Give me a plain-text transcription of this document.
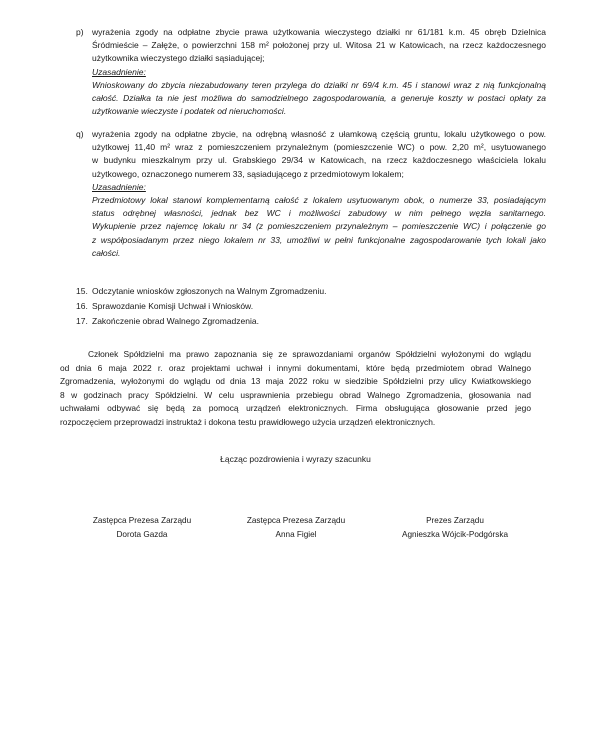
p) wyrażenia zgody na odpłatne zbycie prawa użytkowania wieczystego działki nr 61/181 k.m. 45 obręb Dzielnica
Śródmieście – Załęże, o powierzchni 158 m² położonej przy ul. Witosa 21 w Katowicach, na rzecz każdoczesnego
użytkownika wieczystego działki sąsiadującej;
Uzasadnienie:
Wnioskowany do zbycia niezabudowany teren przylega do działki nr 69/4 k.m. 45 i stanowi wraz z nią funkcjonalną
całość. Działka ta nie jest możliwa do samodzielnego zagospodarowania, a generuje koszty w postaci opłaty za
użytkowanie wieczyste i podatek od nieruchomości.
q) wyrażenia zgody na odpłatne zbycie, na odrębną własność z ułamkową częścią gruntu, lokalu użytkowego o pow.
użytkowej 11,40 m² wraz z pomieszczeniem przynależnym (pomieszczenie WC) o pow. 2,20 m², usytuowanego
w budynku mieszkalnym przy ul. Grabskiego 29/34 w Katowicach, na rzecz każdoczesnego właściciela lokalu
użytkowego, oznaczonego numerem 33, sąsiadującego z przedmiotowym lokalem;
Uzasadnienie:
Przedmiotowy lokal stanowi komplementarną całość z lokalem usytuowanym obok, o numerze 33, posiadającym
status odrębnej własności, jednak bez WC i możliwości zabudowy w nim pełnego węzła sanitarnego.
Wykupienie przez najemcę lokalu nr 34 (z pomieszczeniem przynależnym – pomieszczenie WC) i połączenie go
z współposiadanym przez niego lokalem nr 33, umożliwi w pełni funkcjonalne zagospodarowanie tych lokali jako
całości.
15. Odczytanie wniosków zgłoszonych na Walnym Zgromadzeniu.
16. Sprawozdanie Komisji Uchwał i Wniosków.
17. Zakończenie obrad Walnego Zgromadzenia.
Członek Spółdzielni ma prawo zapoznania się ze sprawozdaniami organów Spółdzielni wyłożonymi do wglądu
od dnia 6 maja 2022 r. oraz projektami uchwał i innymi dokumentami, które będą przedmiotem obrad Walnego
Zgromadzenia, wyłożonymi do wglądu od dnia 13 maja 2022 roku w siedzibie Spółdzielni przy ulicy Kwiatkowskiego
8 w godzinach pracy Spółdzielni. W celu usprawnienia przebiegu obrad Walnego Zgromadzenia, głosowania nad
uchwałami odbywać się będą za pomocą urządzeń elektronicznych. Firma obsługująca głosowanie przed jego
rozpoczęciem przeprowadzi instruktaż i dokona testu prawidłowego użycia urządzeń elektronicznych.
Łącząc pozdrowienia i wyrazy szacunku
Zastępca Prezesa Zarządu
Dorota Gazda
Zastępca Prezesa Zarządu
Anna Figiel
Prezes Zarządu
Agnieszka Wójcik-Podgórska
